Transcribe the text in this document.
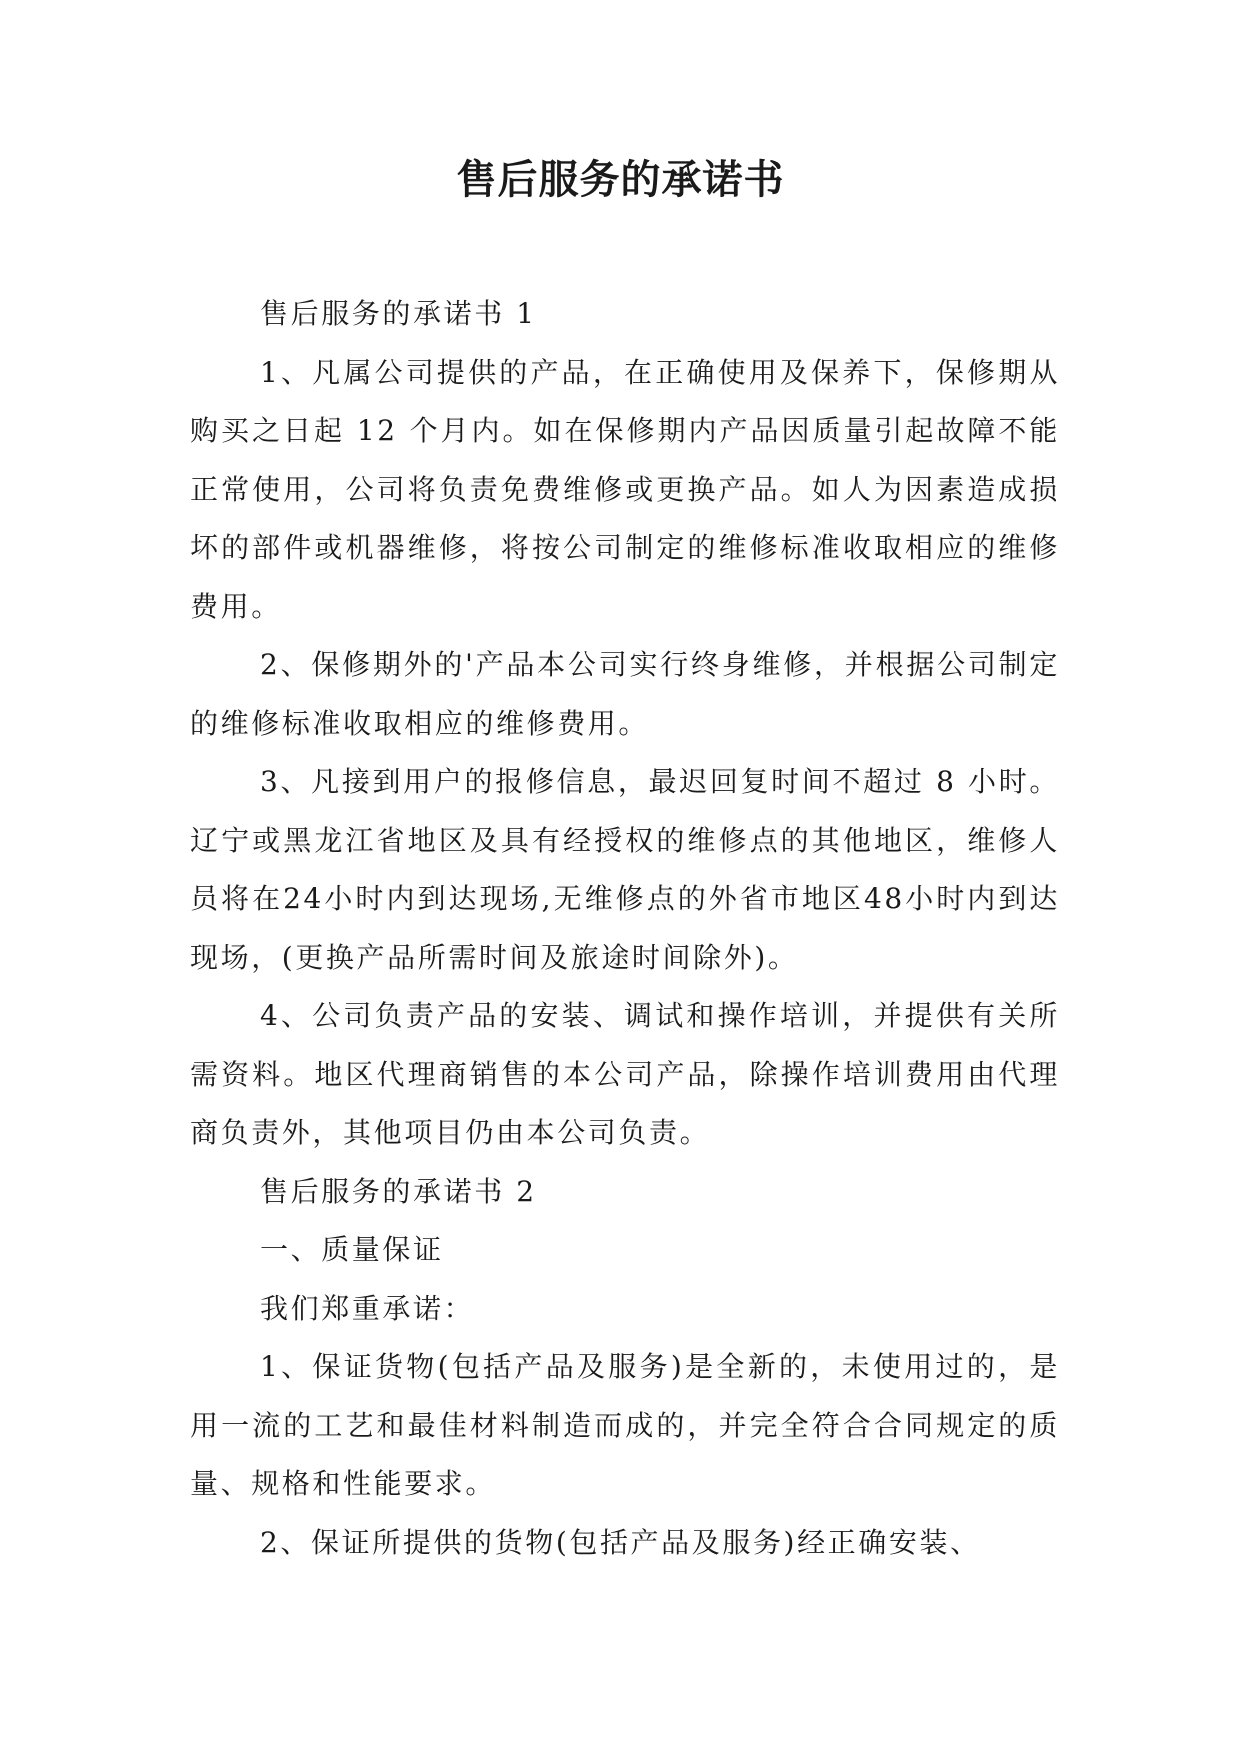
售后服务的承诺书

售后服务的承诺书 1

1、凡属公司提供的产品，在正确使用及保养下，保修期从购买之日起 12 个月内。如在保修期内产品因质量引起故障不能正常使用，公司将负责免费维修或更换产品。如人为因素造成损坏的部件或机器维修，将按公司制定的维修标准收取相应的维修费用。

2、保修期外的'产品本公司实行终身维修，并根据公司制定的维修标准收取相应的维修费用。

3、凡接到用户的报修信息，最迟回复时间不超过 8 小时。辽宁或黑龙江省地区及具有经授权的维修点的其他地区，维修人员将在24小时内到达现场,无维修点的外省市地区48小时内到达现场，(更换产品所需时间及旅途时间除外)。

4、公司负责产品的安装、调试和操作培训，并提供有关所需资料。地区代理商销售的本公司产品，除操作培训费用由代理商负责外，其他项目仍由本公司负责。

售后服务的承诺书 2

一、质量保证

我们郑重承诺：

1、保证货物(包括产品及服务)是全新的，未使用过的，是用一流的工艺和最佳材料制造而成的，并完全符合合同规定的质量、规格和性能要求。

2、保证所提供的货物(包括产品及服务)经正确安装、
